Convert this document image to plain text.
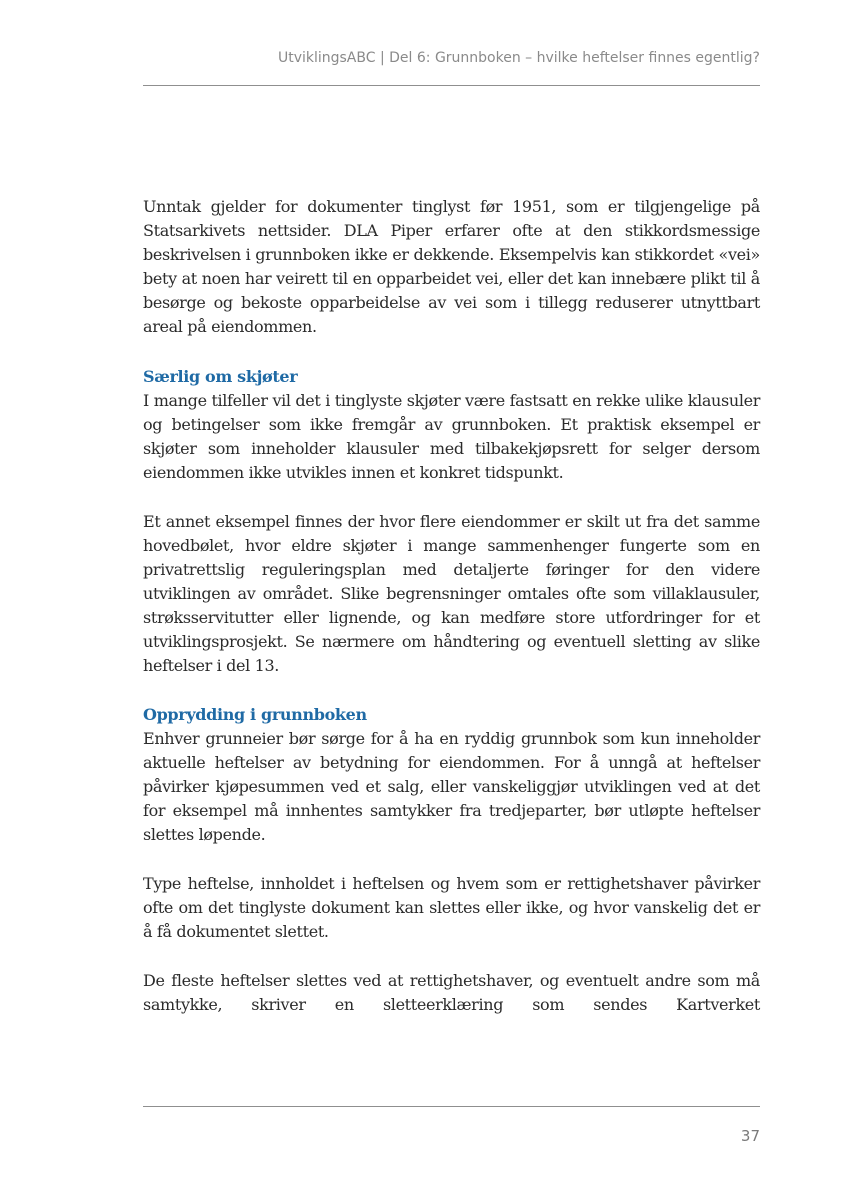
UtviklingsABC | Del 6: Grunnboken – hvilke heftelser finnes egentlig?

Unntak gjelder for dokumenter tinglyst før 1951, som er tilgjengelige på Statsarkivets nettsider. DLA Piper erfarer ofte at den stikkordsmessige beskrivelsen i grunnboken ikke er dekkende. Eksempelvis kan stikkordet «vei» bety at noen har veirett til en opparbeidet vei, eller det kan innebære plikt til å besørge og bekoste opparbeidelse av vei som i tillegg reduserer utnyttbart areal på eiendommen.

Særlig om skjøter

I mange tilfeller vil det i tinglyste skjøter være fastsatt en rekke ulike klausuler og betingelser som ikke fremgår av grunnboken. Et praktisk eksempel er skjøter som inneholder klausuler med tilbakekjøpsrett for selger dersom eiendommen ikke utvikles innen et konkret tidspunkt.

Et annet eksempel finnes der hvor flere eiendommer er skilt ut fra det samme hovedbølet, hvor eldre skjøter i mange sammenhenger fungerte som en privatrettslig reguleringsplan med detaljerte føringer for den videre utviklingen av området. Slike begrensninger omtales ofte som villaklausuler, strøksservitutter eller lignende, og kan medføre store utfordringer for et utviklingsprosjekt. Se nærmere om håndtering og eventuell sletting av slike heftelser i del 13.

Opprydding i grunnboken

Enhver grunneier bør sørge for å ha en ryddig grunnbok som kun inneholder aktuelle heftelser av betydning for eiendommen. For å unngå at heftelser påvirker kjøpesummen ved et salg, eller vanskeliggjør utviklingen ved at det for eksempel må innhentes samtykker fra tredjeparter, bør utløpte heftelser slettes løpende.

Type heftelse, innholdet i heftelsen og hvem som er rettighetshaver påvirker ofte om det tinglyste dokument kan slettes eller ikke, og hvor vanskelig det er å få dokumentet slettet.

De fleste heftelser slettes ved at rettighetshaver, og eventuelt andre som må samtykke, skriver en sletteerklæring som sendes Kartverket

37
